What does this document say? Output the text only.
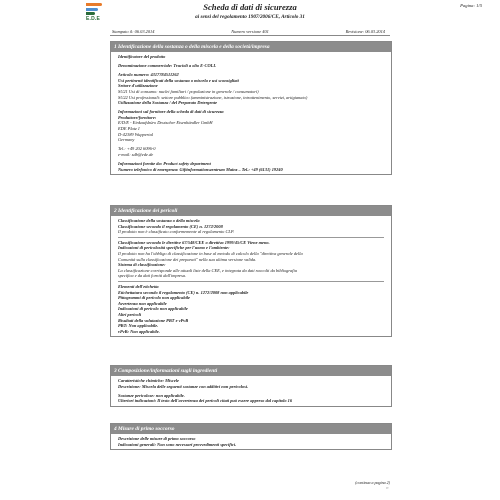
Pagina: 1/5
E.D.E
Scheda di dati di sicurezza
ai sensi del regolamento 1907/2006/CE, Articolo 31
Stampato il: 06.03.2014	Numero versione 401	Revisione: 06.03.2014
1 Identificazione della sostanza o della miscela e della società/impresa

Identificatore del prodotto

Denominazione commerciale: Trucioli a olio E-COLL

Articolo numero: 4317784511262

Usi pertinenti identificati della sostanza o miscela e usi sconsigliati

Settore d'utilizzazione

SU21 Usi di consumo: nuclei familiari / popolazione in generale / consumatori)

SU22 Usi professionali: settore pubblico (amministrazione, istruzione, intrattenimento, servizi, artigianato)

Utilizzazione della Sostanza / del Preparato Detergente

Informazioni sul fornitore della scheda di dati di sicurezza

Produttore/fornitore:

E/D/E - Einkaufsbüro Deutscher Eisenhändler GmbH

EDE Platz 1

D-42389 Wuppertal

Germany

Tel.: +49 202 6096-0

e-mail: sdb@ede.de

Informazioni fornite da: Product safety department

Numero telefonico di emergenza: Giftinformationszentrum Mainz – Tel.: +49 (6131) 19240

2 Identificazione dei pericoli

Classificazione della sostanza o della miscela

Classificazione secondo il regolamento (CE) n. 1272/2008

Il prodotto non è classificato conformemente al regolamento CLP.

Classificazione secondo le direttive 67/548/CEE o direttiva 1999/45/CE Viene meno.

Indicazioni di pericolosità specifiche per l'uomo e l'ambiente:

Il prodotto non ha l'obbligo di classificazione in base al metodo di calcolo della "direttiva generale della

Comunità sulla classificazione dei preparati" nella sua ultima versione valida.

Sistema di classificazione:

La classificazione corrisponde alle attuali liste della CEE, e integrata da dati raccolti da bibliografia

specifica e da dati forniti dall'impresa.

Elementi dell'etichetta

Etichettatura secondo il regolamento (CE) n. 1272/2008 non applicabile

Pittogrammi di pericolo non applicabile

Avvertenza non applicabile

Indicazioni di pericolo non applicabile

Altri pericoli

Risultati della valutazione PBT e vPvB

PBT: Non applicabile.

vPvB: Non applicabile.

3 Composizione/informazioni sugli ingredienti

Caratteristiche chimiche: Miscele

Descrizione: Miscela delle seguenti sostanze con additivi non pericolosi.

Sostanze pericolose: non applicabile.

Ulteriori indicazioni: Il testo dell'avvertenza dei pericoli citati può essere appreso dal capitolo 16

4 Misure di primo soccorso

Descrizione delle misure di primo soccorso

Indicazioni generali: Non sono necessari provvedimenti specifici.

(continua a pagina 2)
IT
